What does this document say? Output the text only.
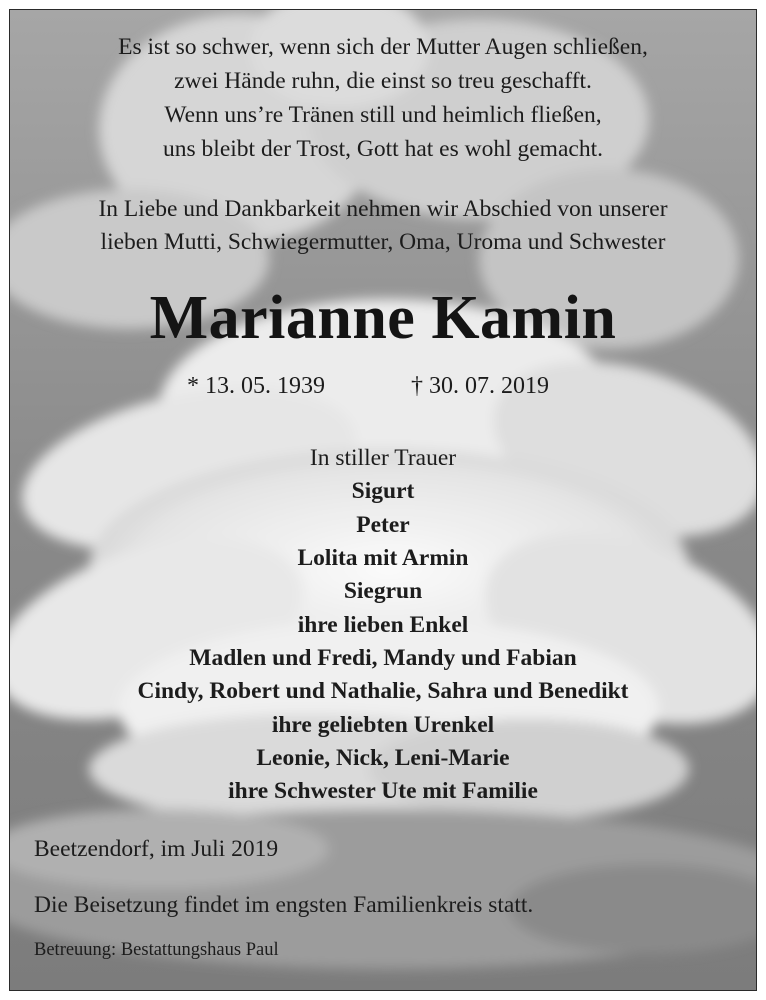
Es ist so schwer, wenn sich der Mutter Augen schließen,
zwei Hände ruhn, die einst so treu geschafft.
Wenn uns’re Tränen still und heimlich fließen,
uns bleibt der Trost, Gott hat es wohl gemacht.
In Liebe und Dankbarkeit nehmen wir Abschied von unserer
lieben Mutti, Schwiegermutter, Oma, Uroma und Schwester
Marianne Kamin
* 13. 05. 1939	† 30. 07. 2019
In stiller Trauer
Sigurt
Peter
Lolita mit Armin
Siegrun
ihre lieben Enkel
Madlen und Fredi, Mandy und Fabian
Cindy, Robert und Nathalie, Sahra und Benedikt
ihre geliebten Urenkel
Leonie, Nick, Leni-Marie
ihre Schwester Ute mit Familie
Beetzendorf, im Juli 2019
Die Beisetzung findet im engsten Familienkreis statt.
Betreuung: Bestattungshaus Paul
